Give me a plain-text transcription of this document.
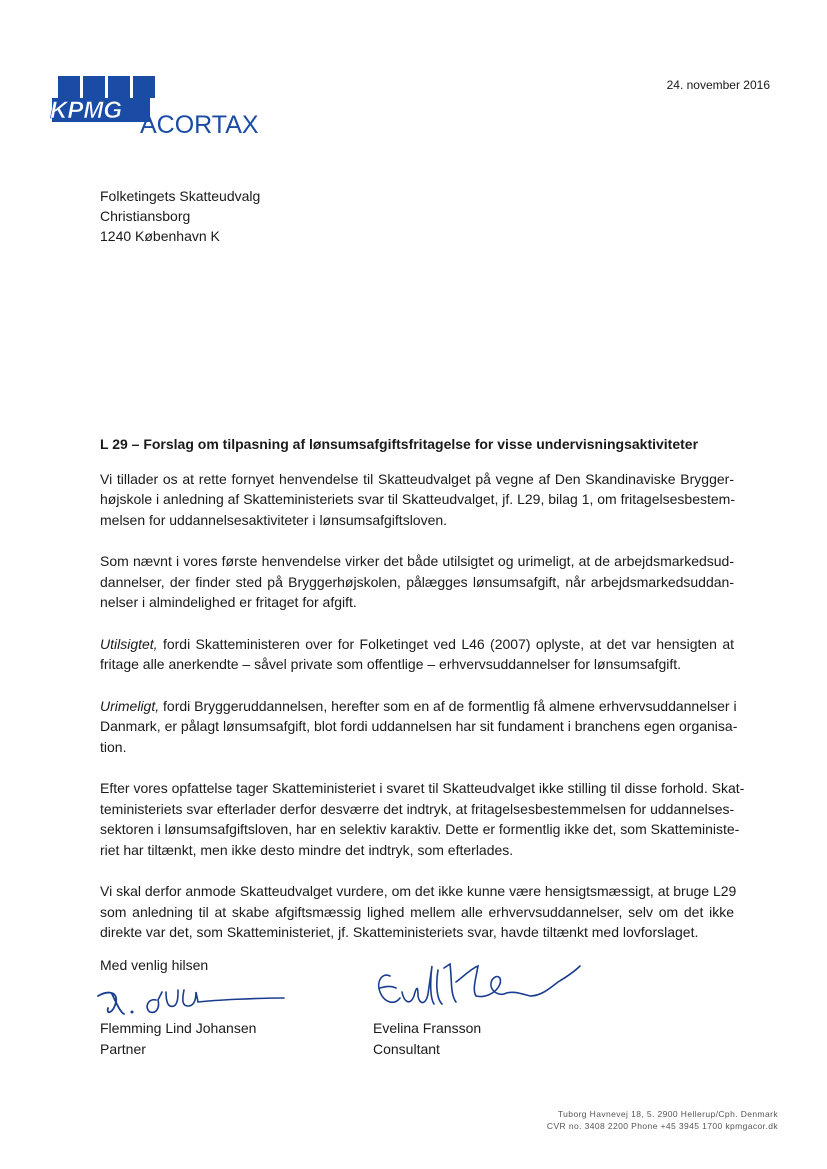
KPMG
ACORTAX
24. november 2016
Folketingets Skatteudvalg
Christiansborg
1240 København K

L 29 – Forslag om tilpasning af lønsumsafgiftsfritagelse for visse undervisningsaktiviteter

Vi tillader os at rette fornyet henvendelse til Skatteudvalget på vegne af Den Skandinaviske Brygger-
højskole i anledning af Skatteministeriets svar til Skatteudvalget, jf. L29, bilag 1, om fritagelsesbestem-
melsen for uddannelsesaktiviteter i lønsumsafgiftsloven.
Som nævnt i vores første henvendelse virker det både utilsigtet og urimeligt, at de arbejdsmarkedsud-
dannelser, der finder sted på Bryggerhøjskolen, pålægges lønsumsafgift, når arbejdsmarkedsuddan-
nelser i almindelighed er fritaget for afgift.
Utilsigtet, fordi Skatteministeren over for Folketinget ved L46 (2007) oplyste, at det var hensigten at
fritage alle anerkendte – såvel private som offentlige – erhvervsuddannelser for lønsumsafgift.
Urimeligt, fordi Bryggeruddannelsen, herefter som en af de formentlig få almene erhvervsuddannelser i
Danmark, er pålagt lønsumsafgift, blot fordi uddannelsen har sit fundament i branchens egen organisa-
tion.
Efter vores opfattelse tager Skatteministeriet i svaret til Skatteudvalget ikke stilling til disse forhold. Skat-
teministeriets svar efterlader derfor desværre det indtryk, at fritagelsesbestemmelsen for uddannelses-
sektoren i lønsumsafgiftsloven, har en selektiv karaktiv. Dette er formentlig ikke det, som Skatteministe-
riet har tiltænkt, men ikke desto mindre det indtryk, som efterlades.
Vi skal derfor anmode Skatteudvalget vurdere, om det ikke kunne være hensigtsmæssigt, at bruge L29
som anledning til at skabe afgiftsmæssig lighed mellem alle erhvervsuddannelser, selv om det ikke
direkte var det, som Skatteministeriet, jf. Skatteministeriets svar, havde tiltænkt med lovforslaget.
Med venlig hilsen
Flemming Lind Johansen
Partner
Evelina Fransson
Consultant
Tuborg Havnevej 18, 5. 2900 Hellerup/Cph. Denmark
CVR no. 3408 2200 Phone +45 3945 1700 kpmgacor.dk
